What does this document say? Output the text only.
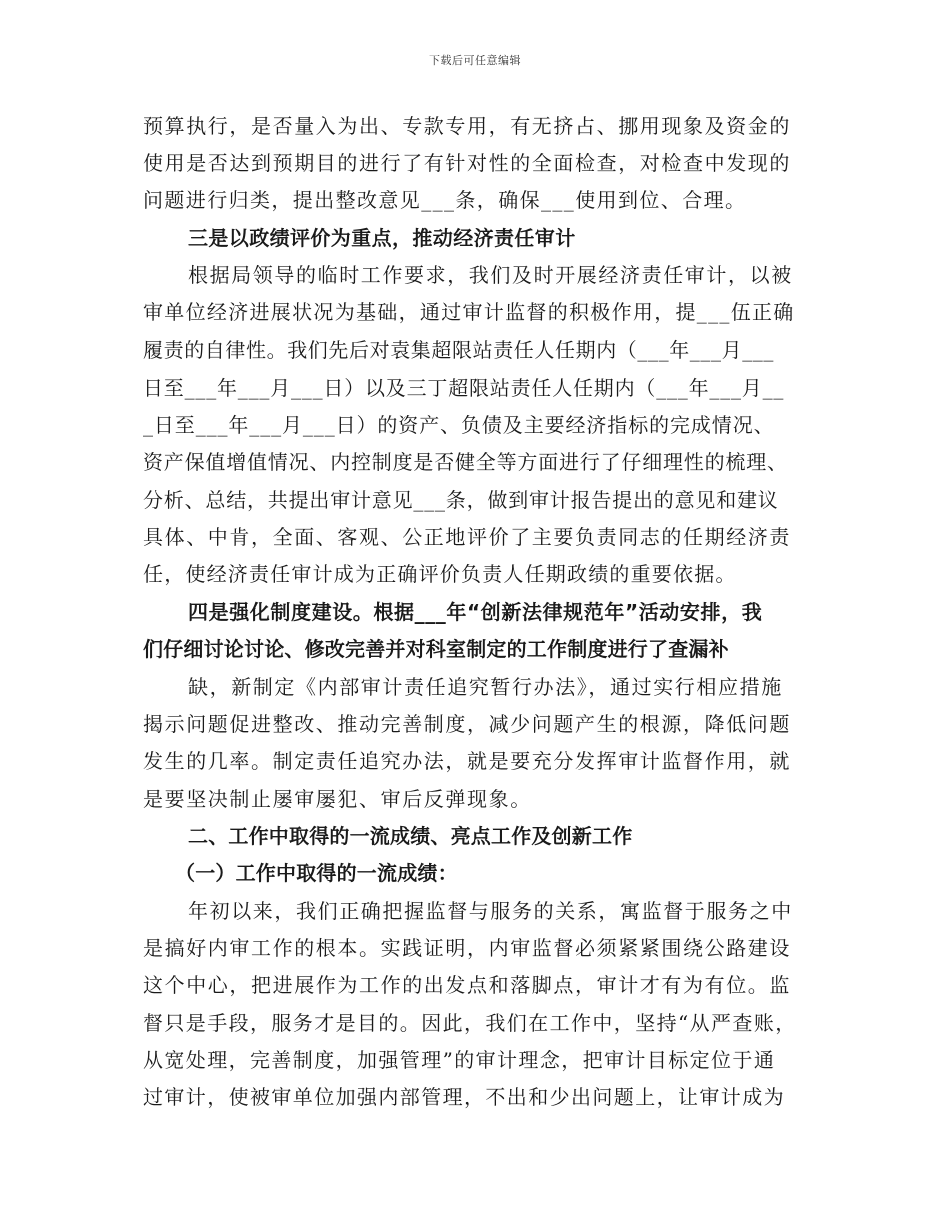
下载后可任意编辑
预算执行，是否量入为出、专款专用，有无挤占、挪用现象及资金的
使用是否达到预期目的进行了有针对性的全面检查，对检查中发现的
问题进行归类，提出整改意见___条，确保___使用到位、合理。
三是以政绩评价为重点，推动经济责任审计
根据局领导的临时工作要求，我们及时开展经济责任审计，以被
审单位经济进展状况为基础，通过审计监督的积极作用，提___伍正确
履责的自律性。我们先后对袁集超限站责任人任期内（___年___月___
日至___年___月___日）以及三丁超限站责任人任期内（___年___月__
_日至___年___月___日）的资产、负债及主要经济指标的完成情况、
资产保值增值情况、内控制度是否健全等方面进行了仔细理性的梳理、
分析、总结，共提出审计意见___条，做到审计报告提出的意见和建议
具体、中肯，全面、客观、公正地评价了主要负责同志的任期经济责
任，使经济责任审计成为正确评价负责人任期政绩的重要依据。
四是强化制度建设。根据___年“创新法律规范年”活动安排，我
们仔细讨论讨论、修改完善并对科室制定的工作制度进行了查漏补
缺，新制定《内部审计责任追究暂行办法》，通过实行相应措施
揭示问题促进整改、推动完善制度，减少问题产生的根源，降低问题
发生的几率。制定责任追究办法，就是要充分发挥审计监督作用，就
是要坚决制止屡审屡犯、审后反弹现象。
二、工作中取得的一流成绩、亮点工作及创新工作
（一）工作中取得的一流成绩：
年初以来，我们正确把握监督与服务的关系，寓监督于服务之中
是搞好内审工作的根本。实践证明，内审监督必须紧紧围绕公路建设
这个中心，把进展作为工作的出发点和落脚点，审计才有为有位。监
督只是手段，服务才是目的。因此，我们在工作中，坚持“从严查账，
从宽处理，完善制度，加强管理”的审计理念，把审计目标定位于通
过审计，使被审单位加强内部管理，不出和少出问题上，让审计成为
